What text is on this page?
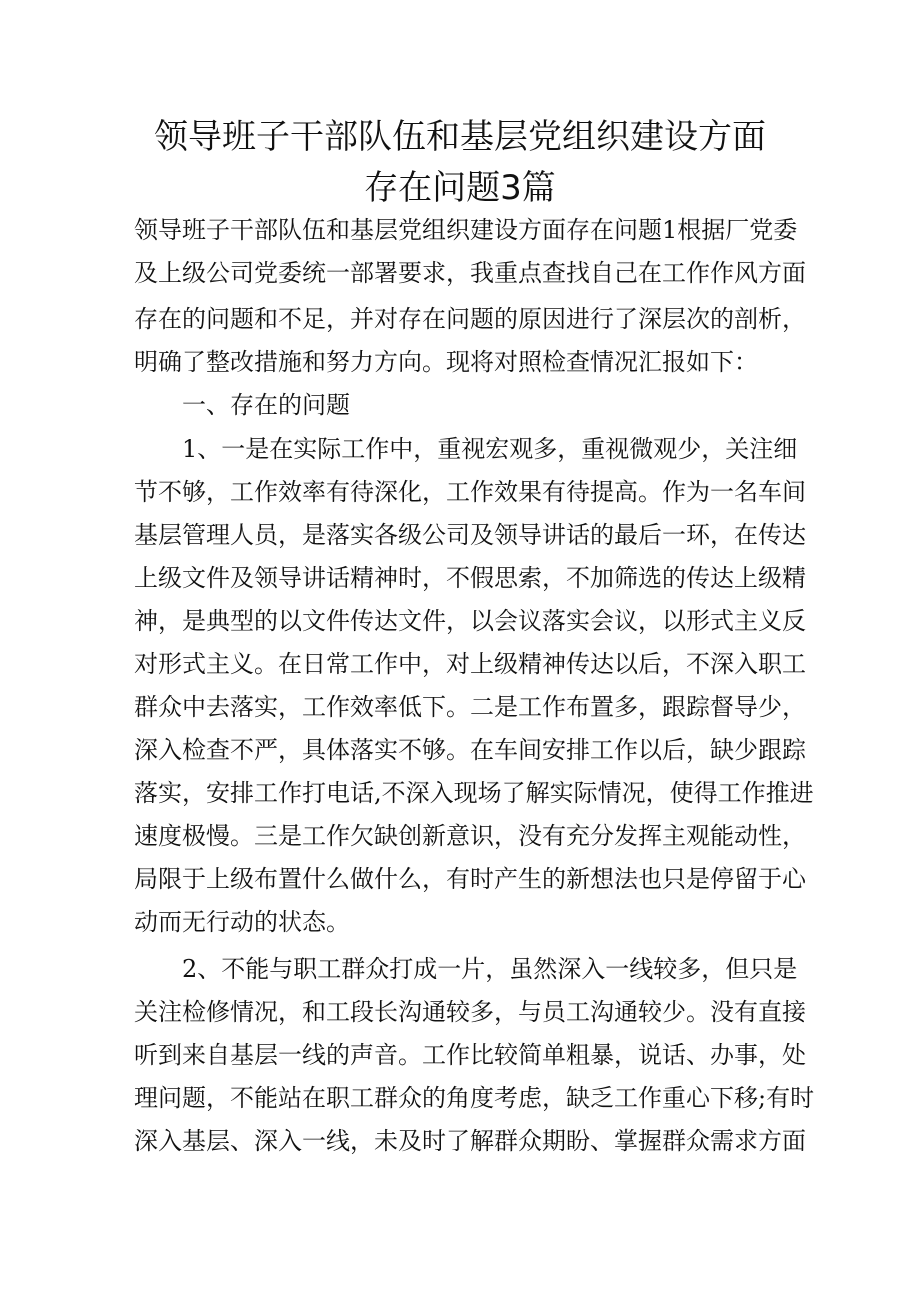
领导班子干部队伍和基层党组织建设方面
存在问题3篇
领导班子干部队伍和基层党组织建设方面存在问题1根据厂党委
及上级公司党委统一部署要求，我重点查找自己在工作作风方面
存在的问题和不足，并对存在问题的原因进行了深层次的剖析，
明确了整改措施和努力方向。现将对照检查情况汇报如下：
一、存在的问题
1、一是在实际工作中，重视宏观多，重视微观少，关注细
节不够，工作效率有待深化，工作效果有待提高。作为一名车间
基层管理人员，是落实各级公司及领导讲话的最后一环，在传达
上级文件及领导讲话精神时，不假思索，不加筛选的传达上级精
神，是典型的以文件传达文件，以会议落实会议，以形式主义反
对形式主义。在日常工作中，对上级精神传达以后，不深入职工
群众中去落实，工作效率低下。二是工作布置多，跟踪督导少，
深入检查不严，具体落实不够。在车间安排工作以后，缺少跟踪
落实，安排工作打电话,不深入现场了解实际情况，使得工作推进
速度极慢。三是工作欠缺创新意识，没有充分发挥主观能动性，
局限于上级布置什么做什么，有时产生的新想法也只是停留于心
动而无行动的状态。
2、不能与职工群众打成一片，虽然深入一线较多，但只是
关注检修情况，和工段长沟通较多，与员工沟通较少。没有直接
听到来自基层一线的声音。工作比较简单粗暴，说话、办事，处
理问题，不能站在职工群众的角度考虑，缺乏工作重心下移;有时
深入基层、深入一线，未及时了解群众期盼、掌握群众需求方面
